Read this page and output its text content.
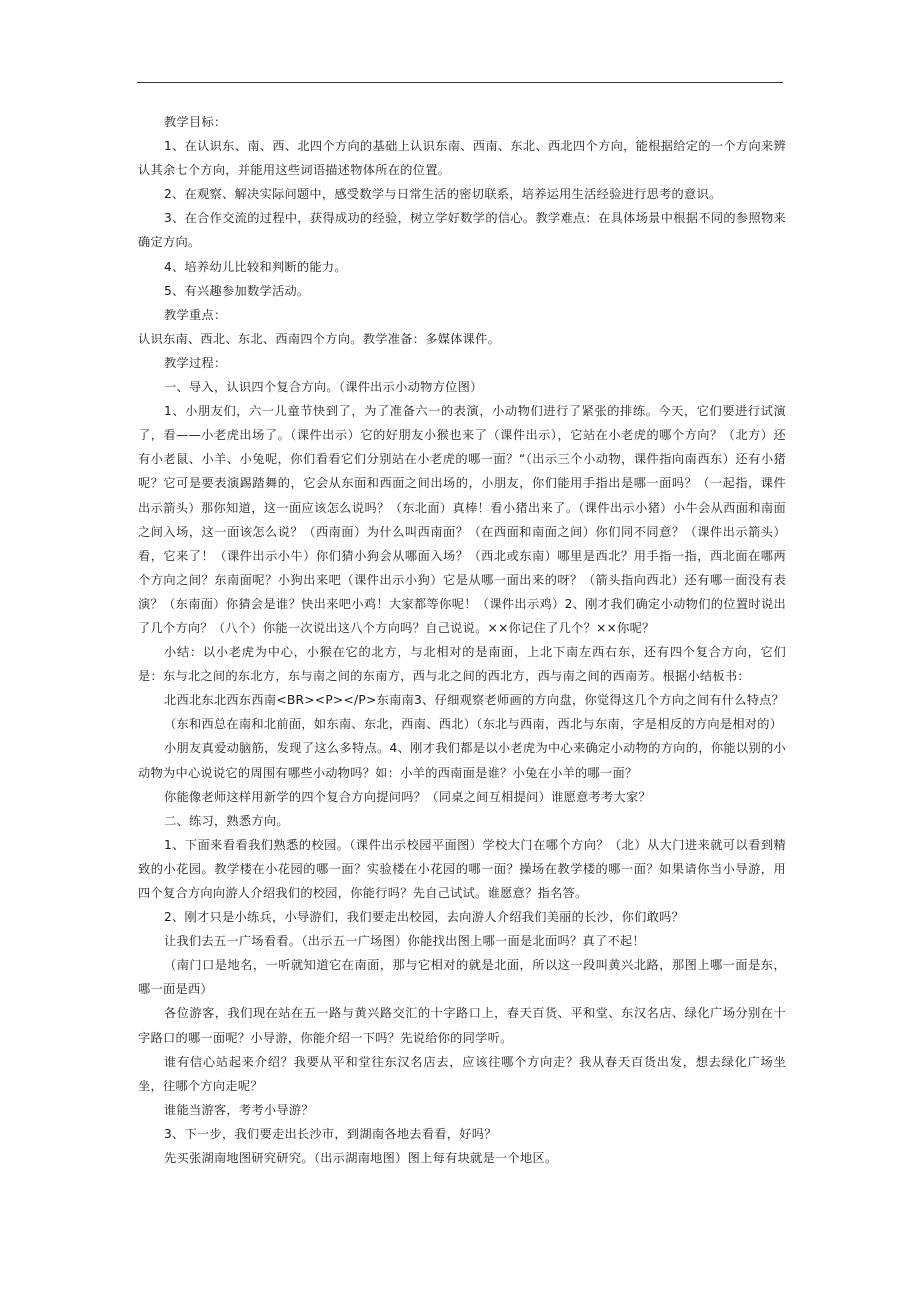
教学目标：

1、在认识东、南、西、北四个方向的基础上认识东南、西南、东北、西北四个方向，能根据给定的一个方向来辨认其余七个方向，并能用这些词语描述物体所在的位置。

2、在观察、解决实际问题中，感受数学与日常生活的密切联系，培养运用生活经验进行思考的意识。

3、在合作交流的过程中，获得成功的经验，树立学好数学的信心。教学难点：在具体场景中根据不同的参照物来确定方向。

4、培养幼儿比较和判断的能力。

5、有兴趣参加数学活动。

教学重点：

认识东南、西北、东北、西南四个方向。教学准备：多媒体课件。

教学过程：

一、导入，认识四个复合方向。（课件出示小动物方位图）

1、小朋友们，六一儿童节快到了，为了准备六一的表演，小动物们进行了紧张的排练。今天，它们要进行试演了，看——小老虎出场了。（课件出示）它的好朋友小猴也来了（课件出示），它站在小老虎的哪个方向？（北方）还有小老鼠、小羊、小兔呢，你们看看它们分别站在小老虎的哪一面？“（出示三个小动物，课件指向南西东）还有小猪呢？它可是要表演踢踏舞的，它会从东面和西面之间出场的，小朋友，你们能用手指出是哪一面吗？（一起指，课件出示箭头）那你知道，这一面应该怎么说吗？（东北面）真棒！看小猪出来了。（课件出示小猪）小牛会从西面和南面之间入场，这一面该怎么说？（西南面）为什么叫西南面？（在西面和南面之间）你们同不同意？（课件出示箭头）看，它来了！（课件出示小牛）你们猜小狗会从哪面入场？（西北或东南）哪里是西北？用手指一指，西北面在哪两个方向之间？东南面呢？小狗出来吧（课件出示小狗）它是从哪一面出来的呀？（箭头指向西北）还有哪一面没有表演？（东南面）你猜会是谁？快出来吧小鸡！大家都等你呢！（课件出示鸡）2、刚才我们确定小动物们的位置时说出了几个方向？（八个）你能一次说出这八个方向吗？自己说说。××你记住了几个？××你呢？

小结：以小老虎为中心，小猴在它的北方，与北相对的是南面，上北下南左西右东，还有四个复合方向，它们是：东与北之间的东北方，东与南之间的东南方，西与北之间的西北方，西与南之间的西南芳。根据小结板书：

北西北东北西东西南<BR><P></P>东南南3、仔细观察老师画的方向盘，你觉得这几个方向之间有什么特点？

（东和西总在南和北前面，如东南、东北，西南、西北）（东北与西南，西北与东南，字是相反的方向是相对的）

小朋友真爱动脑筋，发现了这么多特点。4、刚才我们都是以小老虎为中心来确定小动物的方向的，你能以别的小动物为中心说说它的周围有哪些小动物吗？如：小羊的西南面是谁？小兔在小羊的哪一面？

你能像老师这样用新学的四个复合方向提问吗？（同桌之间互相提问）谁愿意考考大家？

二、练习，熟悉方向。

1、下面来看看我们熟悉的校园。（课件出示校园平面图）学校大门在哪个方向？（北）从大门进来就可以看到精致的小花园。教学楼在小花园的哪一面？实验楼在小花园的哪一面？操场在教学楼的哪一面？如果请你当小导游，用四个复合方向向游人介绍我们的校园，你能行吗？先自己试试。谁愿意？指名答。

2、刚才只是小练兵，小导游们，我们要走出校园，去向游人介绍我们美丽的长沙，你们敢吗？

让我们去五一广场看看。（出示五一广场图）你能找出图上哪一面是北面吗？真了不起！

（南门口是地名，一听就知道它在南面，那与它相对的就是北面，所以这一段叫黄兴北路，那图上哪一面是东，哪一面是西）

各位游客，我们现在站在五一路与黄兴路交汇的十字路口上，春天百货、平和堂、东汉名店、绿化广场分别在十字路口的哪一面呢？小导游，你能介绍一下吗？先说给你的同学听。

谁有信心站起来介绍？我要从平和堂往东汉名店去，应该往哪个方向走？我从春天百货出发，想去绿化广场坐坐，往哪个方向走呢？

谁能当游客，考考小导游？

3、下一步，我们要走出长沙市，到湖南各地去看看，好吗？

先买张湖南地图研究研究。（出示湖南地图）图上每有块就是一个地区。
